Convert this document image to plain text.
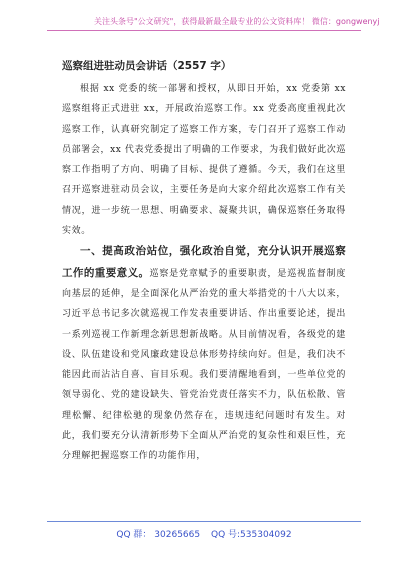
关注头条号"公文研究"，获得最新最全最专业的公文资料库！ 微信：gongwenyj
巡察组进驻动员会讲话（2557 字）

根据 xx 党委的统一部署和授权，从即日开始，xx 党委第 xx 巡察组将正式进驻 xx，开展政治巡察工作。xx 党委高度重视此次巡察工作，认真研究制定了巡察工作方案，专门召开了巡察工作动员部署会，xx 代表党委提出了明确的工作要求，为我们做好此次巡察工作指明了方向、明确了目标、提供了遵循。今天，我们在这里召开巡察进驻动员会议，主要任务是向大家介绍此次巡察工作有关情况，进一步统一思想、明确要求、凝聚共识，确保巡察任务取得实效。

一、提高政治站位，强化政治自觉，充分认识开展巡察工作的重要意义。巡察是党章赋予的重要职责，是巡视监督制度向基层的延伸，是全面深化从严治党的重大举措党的十八大以来，习近平总书记多次就巡视工作发表重要讲话、作出重要论述，提出一系列巡视工作新理念新思想新战略。从目前情况看，各级党的建设、队伍建设和党风廉政建设总体形势持续向好。但是，我们决不能因此而沾沾自喜、盲目乐观。我们要清醒地看到，一些单位党的领导弱化、党的建设缺失、管党治党责任落实不力，队伍松散、管理松懈、纪律松驰的现象仍然存在，违规违纪问题时有发生。对此，我们要充分认清新形势下全面从严治党的复杂性和艰巨性，充分理解把握巡察工作的功能作用，

QQ 群： 30265665 QQ 号:535304092
